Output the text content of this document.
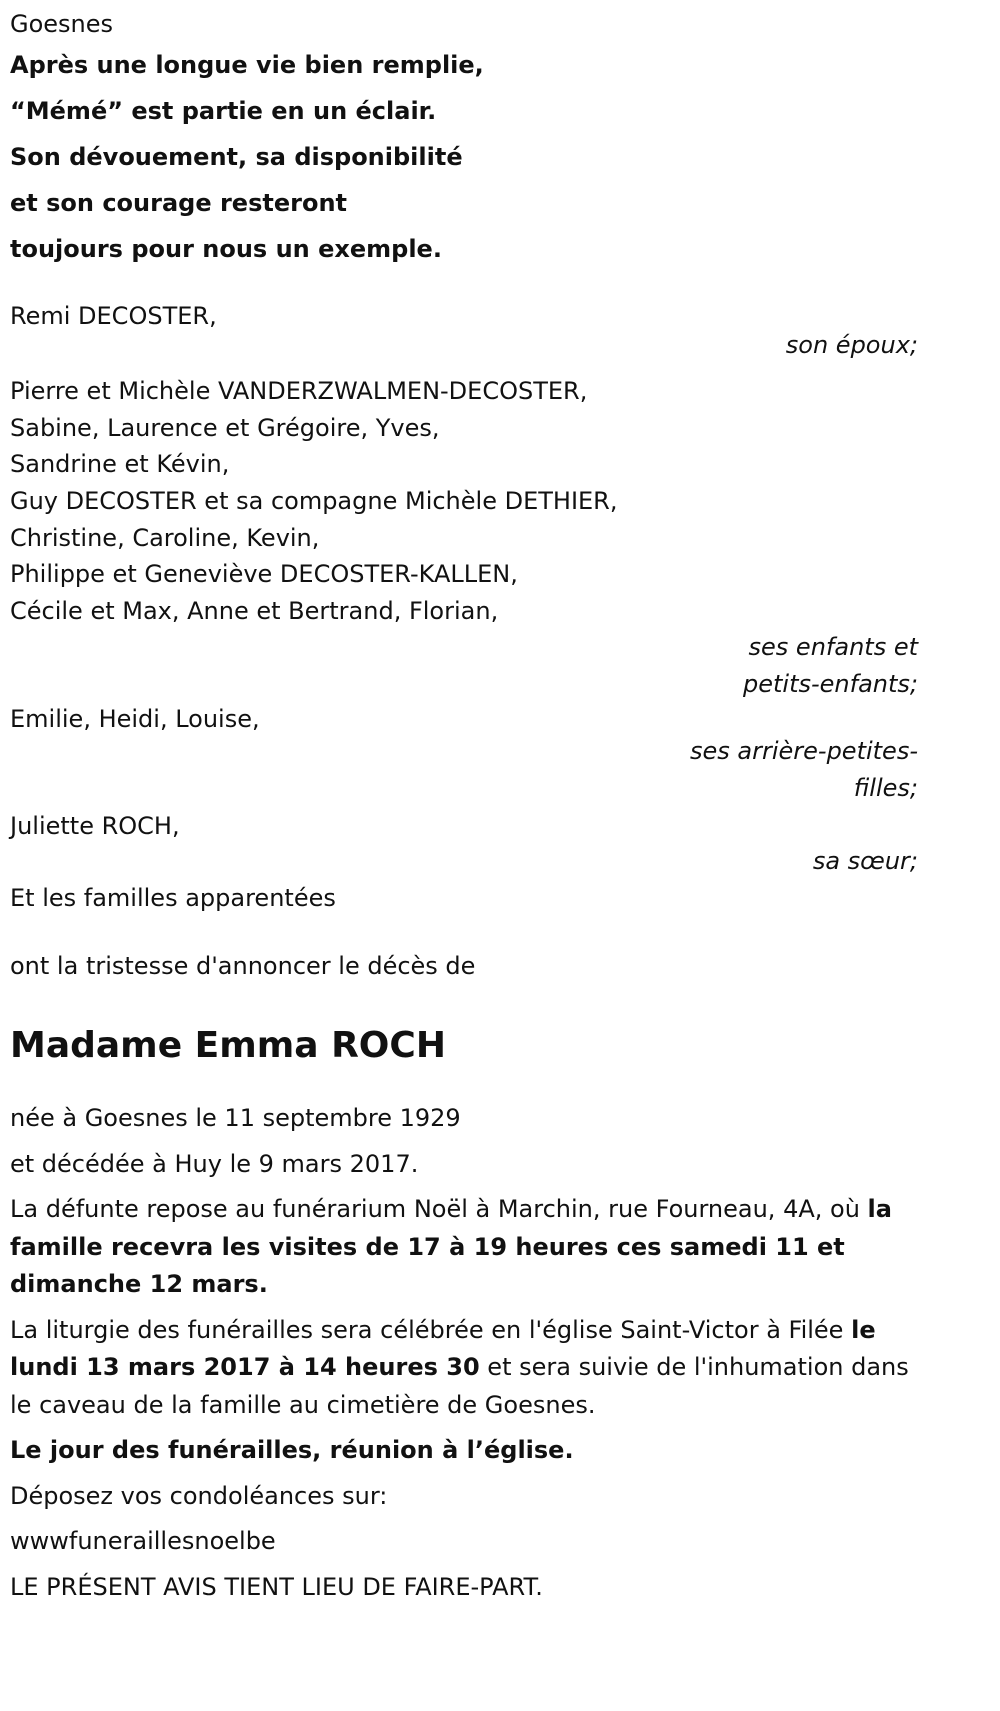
Goesnes

Après une longue vie bien remplie,

“Mémé” est partie en un éclair.

Son dévouement, sa disponibilité

et son courage resteront

toujours pour nous un exemple.

Remi DECOSTER,

son époux;

Pierre et Michèle VANDERZWALMEN-DECOSTER,

Sabine, Laurence et Grégoire, Yves,

Sandrine et Kévin,

Guy DECOSTER et sa compagne Michèle DETHIER,

Christine, Caroline, Kevin,

Philippe et Geneviève DECOSTER-KALLEN,

Cécile et Max, Anne et Bertrand, Florian,

ses enfants et

petits-enfants;

Emilie, Heidi, Louise,

ses arrière-petites-

filles;

Juliette ROCH,

sa sœur;

Et les familles apparentées

ont la tristesse d'annoncer le décès de

Madame Emma ROCH

née à Goesnes le 11 septembre 1929

et décédée à Huy le 9 mars 2017.

La défunte repose au funérarium Noël à Marchin, rue Fourneau, 4A, où la famille recevra les visites de 17 à 19 heures ces samedi 11 et dimanche 12 mars.

La liturgie des funérailles sera célébrée en l'église Saint-Victor à Filée le lundi 13 mars 2017 à 14 heures 30 et sera suivie de l'inhumation dans le caveau de la famille au cimetière de Goesnes.

Le jour des funérailles, réunion à l’église.

Déposez vos condoléances sur:

wwwfuneraillesnoelbe

LE PRÉSENT AVIS TIENT LIEU DE FAIRE-PART.
